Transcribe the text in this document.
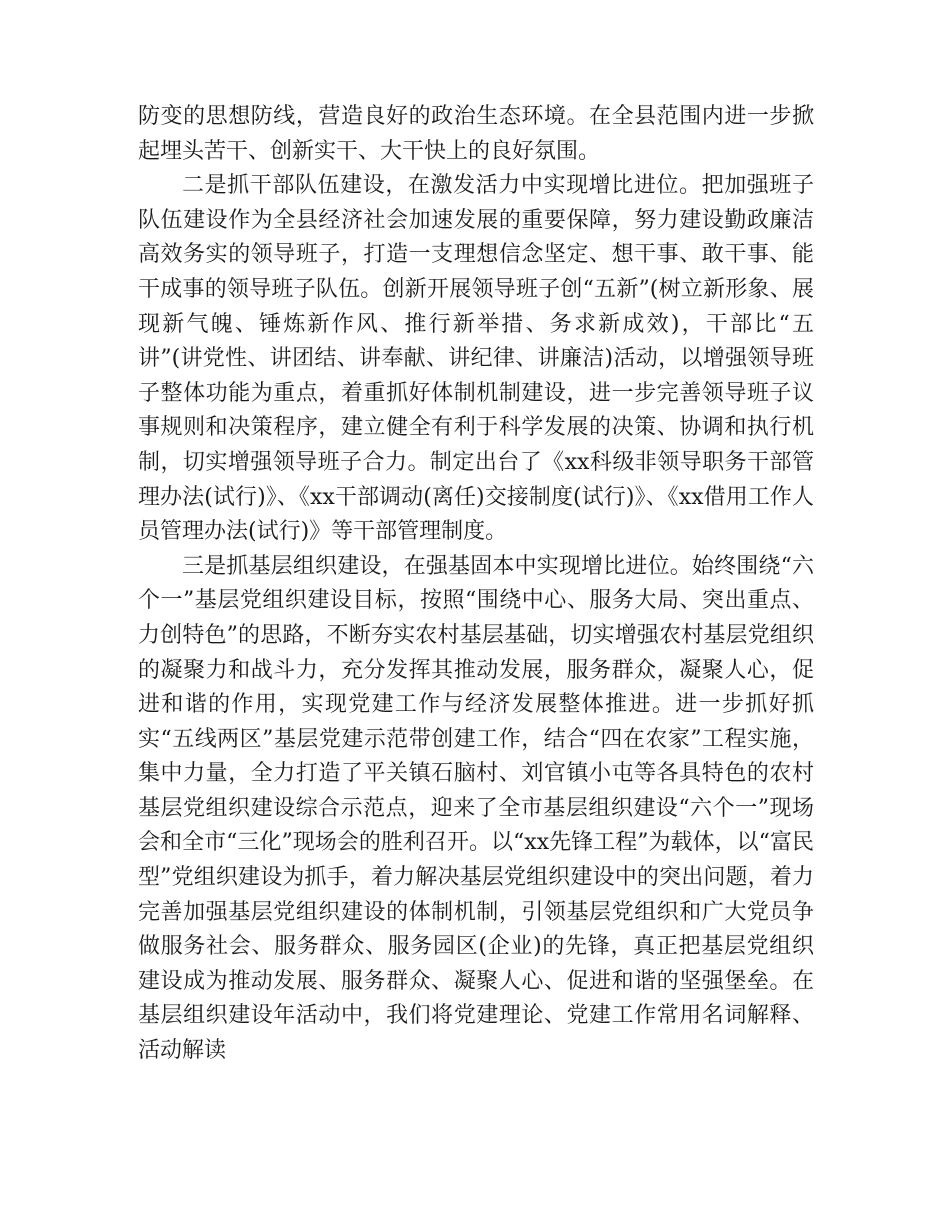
防变的思想防线，营造良好的政治生态环境。在全县范围内进一步掀起埋头苦干、创新实干、大干快上的良好氛围。

二是抓干部队伍建设，在激发活力中实现增比进位。把加强班子队伍建设作为全县经济社会加速发展的重要保障，努力建设勤政廉洁高效务实的领导班子，打造一支理想信念坚定、想干事、敢干事、能干成事的领导班子队伍。创新开展领导班子创“五新”(树立新形象、展现新气魄、锤炼新作风、推行新举措、务求新成效)，干部比“五讲”(讲党性、讲团结、讲奉献、讲纪律、讲廉洁)活动，以增强领导班子整体功能为重点，着重抓好体制机制建设，进一步完善领导班子议事规则和决策程序，建立健全有利于科学发展的决策、协调和执行机制，切实增强领导班子合力。制定出台了《xx科级非领导职务干部管理办法(试行)》、《xx干部调动(离任)交接制度(试行)》、《xx借用工作人员管理办法(试行)》等干部管理制度。

三是抓基层组织建设，在强基固本中实现增比进位。始终围绕“六个一”基层党组织建设目标，按照“围绕中心、服务大局、突出重点、力创特色”的思路，不断夯实农村基层基础，切实增强农村基层党组织的凝聚力和战斗力，充分发挥其推动发展，服务群众，凝聚人心，促进和谐的作用，实现党建工作与经济发展整体推进。进一步抓好抓实“五线两区”基层党建示范带创建工作，结合“四在农家”工程实施，集中力量，全力打造了平关镇石脑村、刘官镇小屯等各具特色的农村基层党组织建设综合示范点，迎来了全市基层组织建设“六个一”现场会和全市“三化”现场会的胜利召开。以“xx先锋工程”为载体，以“富民型”党组织建设为抓手，着力解决基层党组织建设中的突出问题，着力完善加强基层党组织建设的体制机制，引领基层党组织和广大党员争做服务社会、服务群众、服务园区(企业)的先锋，真正把基层党组织建设成为推动发展、服务群众、凝聚人心、促进和谐的坚强堡垒。在基层组织建设年活动中，我们将党建理论、党建工作常用名词解释、活动解读
